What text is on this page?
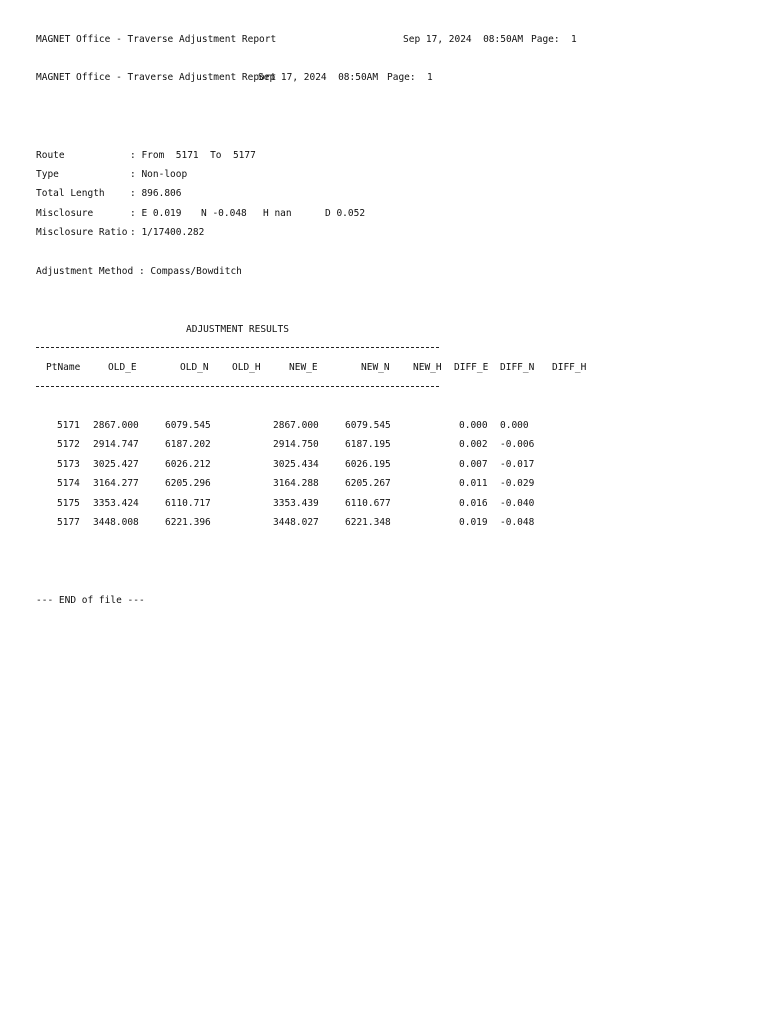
MAGNET Office - Traverse Adjustment Report	Sep 17, 2024  08:50AM Page:  1
MAGNET Office - Traverse Adjustment Report
Sep 17, 2024  08:50AM Page:  1
Route	: From  5171  To  5177
Type	: Non-loop
Total Length	: 896.806
Misclosure	: E 0.019 N -0.048 H nan	D 0.052
Misclosure Ratio : 1/17400.282
Adjustment Method : Compass/Bowditch
ADJUSTMENT RESULTS
PtName	OLD_E	OLD_N OLD_H	NEW_E	NEW_N NEW_H DIFF_E DIFF_N DIFF_H
5171 2867.000	6079.545	2867.000	6079.545	0.000 0.000
5172 2914.747	6187.202	2914.750	6187.195	0.002 -0.006
5173 3025.427	6026.212	3025.434	6026.195	0.007 -0.017
5174 3164.277	6205.296	3164.288	6205.267	0.011 -0.029
5175 3353.424	6110.717	3353.439	6110.677	0.016 -0.040
5177 3448.008	6221.396	3448.027	6221.348	0.019 -0.048
--- END of file ---
